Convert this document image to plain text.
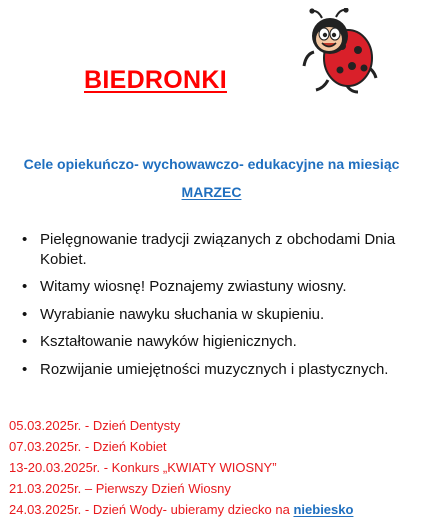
BIEDRONKI
Cele opiekuńczo- wychowawczo- edukacyjne na miesiąc
MARZEC
• Pielęgnowanie tradycji związanych z obchodami Dnia Kobiet.
• Witamy wiosnę! Poznajemy zwiastuny wiosny.
• Wyrabianie nawyku słuchania w skupieniu.
• Kształtowanie nawyków higienicznych.
• Rozwijanie umiejętności muzycznych i plastycznych.
05.03.2025r. - Dzień Dentysty
07.03.2025r. - Dzień Kobiet
13-20.03.2025r. - Konkurs „KWIATY WIOSNY”
21.03.2025r. – Pierwszy Dzień Wiosny
24.03.2025r. - Dzień Wody- ubieramy dziecko na niebiesko
